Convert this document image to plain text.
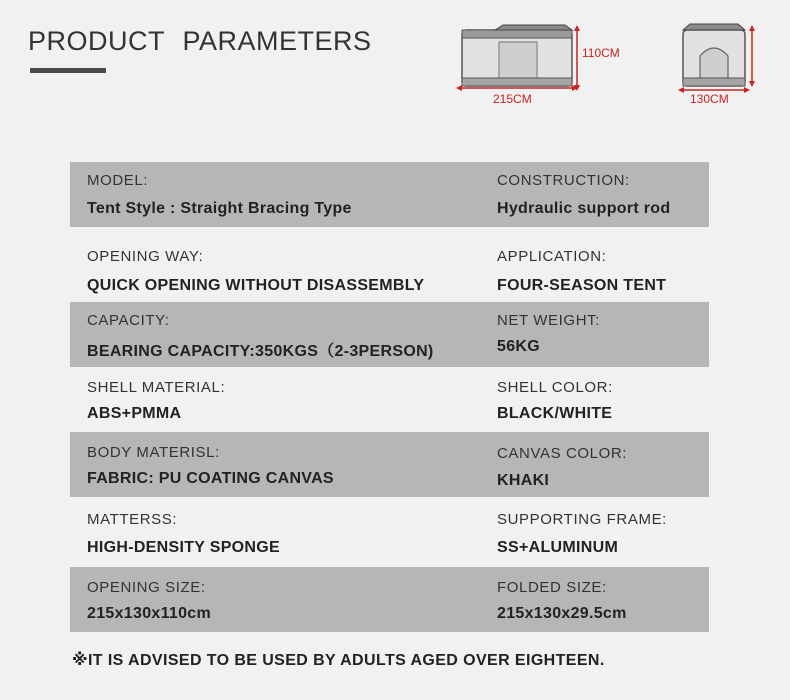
PRODUCT PARAMETERS	110CM
215CM	130CM
MODEL:
Tent Style : Straight Bracing Type
CONSTRUCTION:
Hydraulic support rod
OPENING WAY:
QUICK OPENING WITHOUT DISASSEMBLY
APPLICATION:
FOUR-SEASON TENT
CAPACITY:
BEARING CAPACITY:350KGS（2-3PERSON)
NET WEIGHT:
56KG
SHELL MATERIAL:
ABS+PMMA
SHELL COLOR:
BLACK/WHITE
BODY MATERISL:
FABRIC: PU COATING CANVAS
CANVAS COLOR:
KHAKI
MATTERSS:
HIGH-DENSITY SPONGE
SUPPORTING FRAME:
SS+ALUMINUM
OPENING SIZE:
215x130x110cm
FOLDED SIZE:
215x130x29.5cm
※IT IS ADVISED TO BE USED BY ADULTS AGED OVER EIGHTEEN.
